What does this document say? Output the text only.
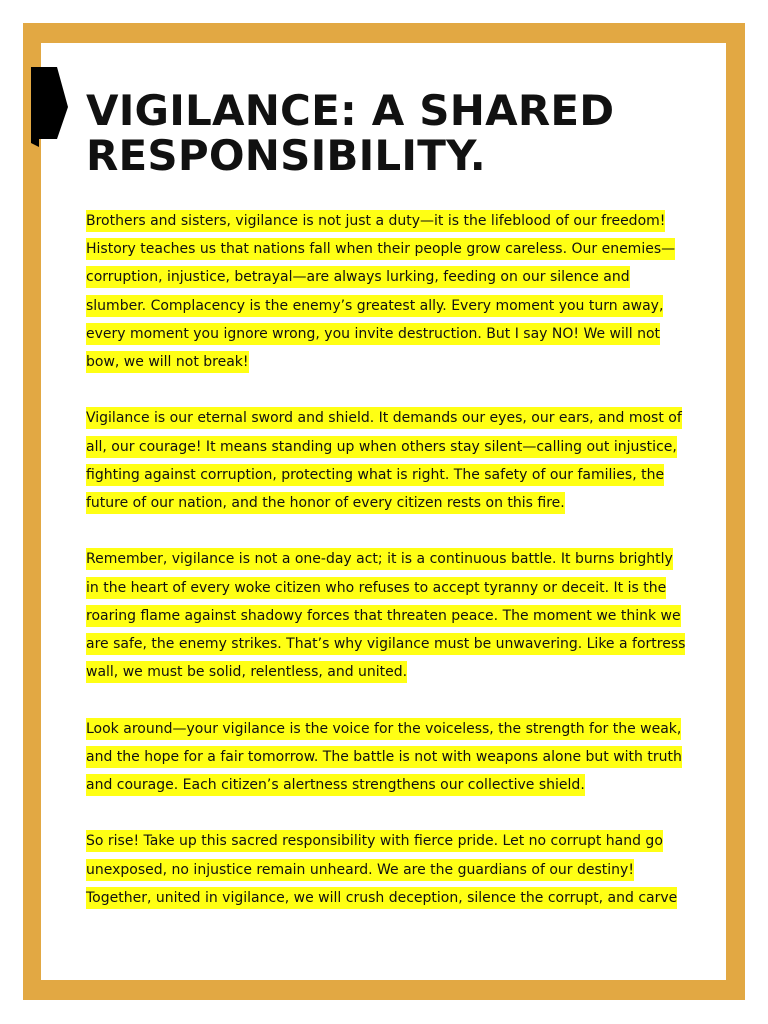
VIGILANCE: A SHARED RESPONSIBILITY.

Brothers and sisters, vigilance is not just a duty—it is the lifeblood of our freedom! History teaches us that nations fall when their people grow careless. Our enemies—corruption, injustice, betrayal—are always lurking, feeding on our silence and slumber. Complacency is the enemy’s greatest ally. Every moment you turn away, every moment you ignore wrong, you invite destruction. But I say NO! We will not bow, we will not break!

Vigilance is our eternal sword and shield. It demands our eyes, our ears, and most of all, our courage! It means standing up when others stay silent—calling out injustice, fighting against corruption, protecting what is right. The safety of our families, the future of our nation, and the honor of every citizen rests on this fire.

Remember, vigilance is not a one-day act; it is a continuous battle. It burns brightly in the heart of every woke citizen who refuses to accept tyranny or deceit. It is the roaring flame against shadowy forces that threaten peace. The moment we think we are safe, the enemy strikes. That’s why vigilance must be unwavering. Like a fortress wall, we must be solid, relentless, and united.

Look around—your vigilance is the voice for the voiceless, the strength for the weak, and the hope for a fair tomorrow. The battle is not with weapons alone but with truth and courage. Each citizen’s alertness strengthens our collective shield.

So rise! Take up this sacred responsibility with fierce pride. Let no corrupt hand go unexposed, no injustice remain unheard. We are the guardians of our destiny! Together, united in vigilance, we will crush deception, silence the corrupt, and carve
